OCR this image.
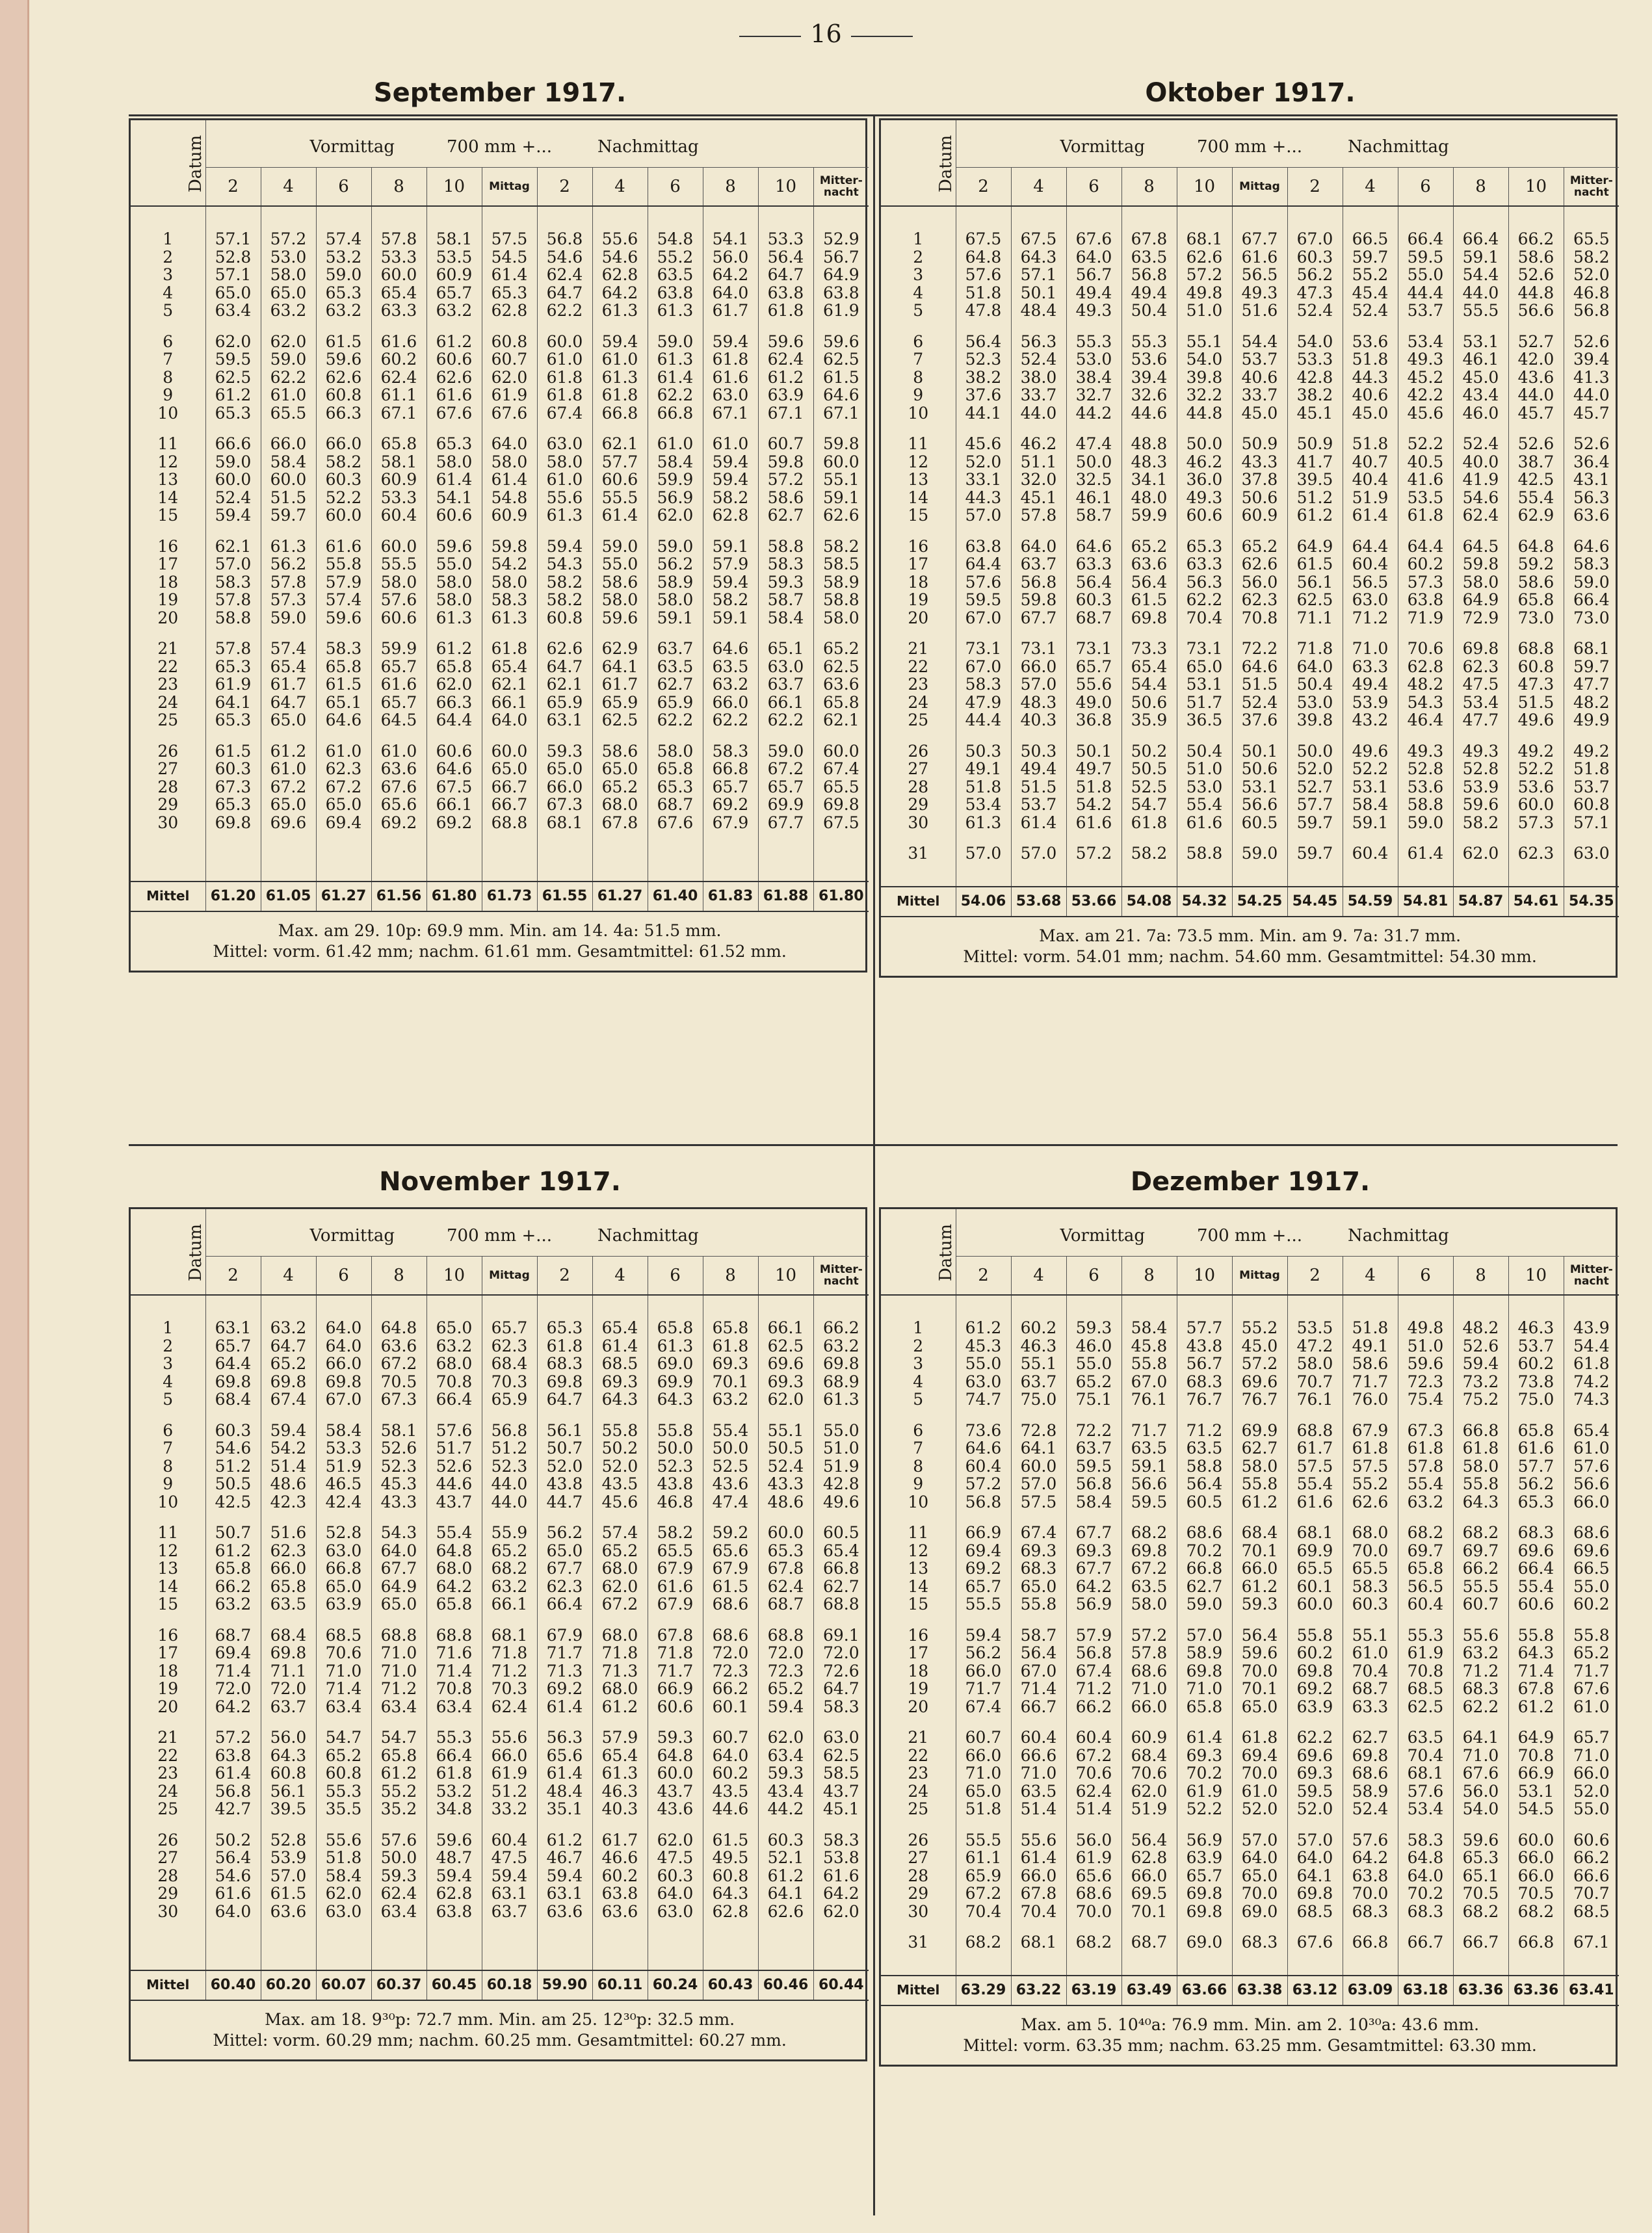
16
September 1917.
Datum	Vormittag 700 mm +... Nachmittag											
	2	4	6	8	10	Mittag	2	4	6	8	10	Mitter-
nacht

1	57.1	57.2	57.4	57.8	58.1	57.5	56.8	55.6	54.8	54.1	53.3	52.9
2	52.8	53.0	53.2	53.3	53.5	54.5	54.6	54.6	55.2	56.0	56.4	56.7
3	57.1	58.0	59.0	60.0	60.9	61.4	62.4	62.8	63.5	64.2	64.7	64.9
4	65.0	65.0	65.3	65.4	65.7	65.3	64.7	64.2	63.8	64.0	63.8	63.8
5	63.4	63.2	63.2	63.3	63.2	62.8	62.2	61.3	61.3	61.7	61.8	61.9
6	62.0	62.0	61.5	61.6	61.2	60.8	60.0	59.4	59.0	59.4	59.6	59.6
7	59.5	59.0	59.6	60.2	60.6	60.7	61.0	61.0	61.3	61.8	62.4	62.5
8	62.5	62.2	62.6	62.4	62.6	62.0	61.8	61.3	61.4	61.6	61.2	61.5
9	61.2	61.0	60.8	61.1	61.6	61.9	61.8	61.8	62.2	63.0	63.9	64.6
10	65.3	65.5	66.3	67.1	67.6	67.6	67.4	66.8	66.8	67.1	67.1	67.1
11	66.6	66.0	66.0	65.8	65.3	64.0	63.0	62.1	61.0	61.0	60.7	59.8
12	59.0	58.4	58.2	58.1	58.0	58.0	58.0	57.7	58.4	59.4	59.8	60.0
13	60.0	60.0	60.3	60.9	61.4	61.4	61.0	60.6	59.9	59.4	57.2	55.1
14	52.4	51.5	52.2	53.3	54.1	54.8	55.6	55.5	56.9	58.2	58.6	59.1
15	59.4	59.7	60.0	60.4	60.6	60.9	61.3	61.4	62.0	62.8	62.7	62.6
16	62.1	61.3	61.6	60.0	59.6	59.8	59.4	59.0	59.0	59.1	58.8	58.2
17	57.0	56.2	55.8	55.5	55.0	54.2	54.3	55.0	56.2	57.9	58.3	58.5
18	58.3	57.8	57.9	58.0	58.0	58.0	58.2	58.6	58.9	59.4	59.3	58.9
19	57.8	57.3	57.4	57.6	58.0	58.3	58.2	58.0	58.0	58.2	58.7	58.8
20	58.8	59.0	59.6	60.6	61.3	61.3	60.8	59.6	59.1	59.1	58.4	58.0
21	57.8	57.4	58.3	59.9	61.2	61.8	62.6	62.9	63.7	64.6	65.1	65.2
22	65.3	65.4	65.8	65.7	65.8	65.4	64.7	64.1	63.5	63.5	63.0	62.5
23	61.9	61.7	61.5	61.6	62.0	62.1	62.1	61.7	62.7	63.2	63.7	63.6
24	64.1	64.7	65.1	65.7	66.3	66.1	65.9	65.9	65.9	66.0	66.1	65.8
25	65.3	65.0	64.6	64.5	64.4	64.0	63.1	62.5	62.2	62.2	62.2	62.1
26	61.5	61.2	61.0	61.0	60.6	60.0	59.3	58.6	58.0	58.3	59.0	60.0
27	60.3	61.0	62.3	63.6	64.6	65.0	65.0	65.0	65.8	66.8	67.2	67.4
28	67.3	67.2	67.2	67.6	67.5	66.7	66.0	65.2	65.3	65.7	65.7	65.5
29	65.3	65.0	65.0	65.6	66.1	66.7	67.3	68.0	68.7	69.2	69.9	69.8
30	69.8	69.6	69.4	69.2	69.2	68.8	68.1	67.8	67.6	67.9	67.7	67.5

Mittel	61.20	61.05	61.27	61.56	61.80	61.73	61.55	61.27	61.40	61.83	61.88	61.80

Max. am 29. 10p: 69.9 mm. Min. am 14. 4a: 51.5 mm.
Mittel: vorm. 61.42 mm; nachm. 61.61 mm. Gesamtmittel: 61.52 mm.												
Oktober 1917.
Datum	Vormittag 700 mm +... Nachmittag											
	2	4	6	8	10	Mittag	2	4	6	8	10	Mitter-
nacht

1	67.5	67.5	67.6	67.8	68.1	67.7	67.0	66.5	66.4	66.4	66.2	65.5
2	64.8	64.3	64.0	63.5	62.6	61.6	60.3	59.7	59.5	59.1	58.6	58.2
3	57.6	57.1	56.7	56.8	57.2	56.5	56.2	55.2	55.0	54.4	52.6	52.0
4	51.8	50.1	49.4	49.4	49.8	49.3	47.3	45.4	44.4	44.0	44.8	46.8
5	47.8	48.4	49.3	50.4	51.0	51.6	52.4	52.4	53.7	55.5	56.6	56.8
6	56.4	56.3	55.3	55.3	55.1	54.4	54.0	53.6	53.4	53.1	52.7	52.6
7	52.3	52.4	53.0	53.6	54.0	53.7	53.3	51.8	49.3	46.1	42.0	39.4
8	38.2	38.0	38.4	39.4	39.8	40.6	42.8	44.3	45.2	45.0	43.6	41.3
9	37.6	33.7	32.7	32.6	32.2	33.7	38.2	40.6	42.2	43.4	44.0	44.0
10	44.1	44.0	44.2	44.6	44.8	45.0	45.1	45.0	45.6	46.0	45.7	45.7
11	45.6	46.2	47.4	48.8	50.0	50.9	50.9	51.8	52.2	52.4	52.6	52.6
12	52.0	51.1	50.0	48.3	46.2	43.3	41.7	40.7	40.5	40.0	38.7	36.4
13	33.1	32.0	32.5	34.1	36.0	37.8	39.5	40.4	41.6	41.9	42.5	43.1
14	44.3	45.1	46.1	48.0	49.3	50.6	51.2	51.9	53.5	54.6	55.4	56.3
15	57.0	57.8	58.7	59.9	60.6	60.9	61.2	61.4	61.8	62.4	62.9	63.6
16	63.8	64.0	64.6	65.2	65.3	65.2	64.9	64.4	64.4	64.5	64.8	64.6
17	64.4	63.7	63.3	63.6	63.3	62.6	61.5	60.4	60.2	59.8	59.2	58.3
18	57.6	56.8	56.4	56.4	56.3	56.0	56.1	56.5	57.3	58.0	58.6	59.0
19	59.5	59.8	60.3	61.5	62.2	62.3	62.5	63.0	63.8	64.9	65.8	66.4
20	67.0	67.7	68.7	69.8	70.4	70.8	71.1	71.2	71.9	72.9	73.0	73.0
21	73.1	73.1	73.1	73.3	73.1	72.2	71.8	71.0	70.6	69.8	68.8	68.1
22	67.0	66.0	65.7	65.4	65.0	64.6	64.0	63.3	62.8	62.3	60.8	59.7
23	58.3	57.0	55.6	54.4	53.1	51.5	50.4	49.4	48.2	47.5	47.3	47.7
24	47.9	48.3	49.0	50.6	51.7	52.4	53.0	53.9	54.3	53.4	51.5	48.2
25	44.4	40.3	36.8	35.9	36.5	37.6	39.8	43.2	46.4	47.7	49.6	49.9
26	50.3	50.3	50.1	50.2	50.4	50.1	50.0	49.6	49.3	49.3	49.2	49.2
27	49.1	49.4	49.7	50.5	51.0	50.6	52.0	52.2	52.8	52.8	52.2	51.8
28	51.8	51.5	51.8	52.5	53.0	53.1	52.7	53.1	53.6	53.9	53.6	53.7
29	53.4	53.7	54.2	54.7	55.4	56.6	57.7	58.4	58.8	59.6	60.0	60.8
30	61.3	61.4	61.6	61.8	61.6	60.5	59.7	59.1	59.0	58.2	57.3	57.1
31	57.0	57.0	57.2	58.2	58.8	59.0	59.7	60.4	61.4	62.0	62.3	63.0

Mittel	54.06	53.68	53.66	54.08	54.32	54.25	54.45	54.59	54.81	54.87	54.61	54.35

Max. am 21. 7a: 73.5 mm. Min. am 9. 7a: 31.7 mm.
Mittel: vorm. 54.01 mm; nachm. 54.60 mm. Gesamtmittel: 54.30 mm.												
November 1917.
Datum	Vormittag 700 mm +... Nachmittag											
	2	4	6	8	10	Mittag	2	4	6	8	10	Mitter-
nacht

1	63.1	63.2	64.0	64.8	65.0	65.7	65.3	65.4	65.8	65.8	66.1	66.2
2	65.7	64.7	64.0	63.6	63.2	62.3	61.8	61.4	61.3	61.8	62.5	63.2
3	64.4	65.2	66.0	67.2	68.0	68.4	68.3	68.5	69.0	69.3	69.6	69.8
4	69.8	69.8	69.8	70.5	70.8	70.3	69.8	69.3	69.9	70.1	69.3	68.9
5	68.4	67.4	67.0	67.3	66.4	65.9	64.7	64.3	64.3	63.2	62.0	61.3
6	60.3	59.4	58.4	58.1	57.6	56.8	56.1	55.8	55.8	55.4	55.1	55.0
7	54.6	54.2	53.3	52.6	51.7	51.2	50.7	50.2	50.0	50.0	50.5	51.0
8	51.2	51.4	51.9	52.3	52.6	52.3	52.0	52.0	52.3	52.5	52.4	51.9
9	50.5	48.6	46.5	45.3	44.6	44.0	43.8	43.5	43.8	43.6	43.3	42.8
10	42.5	42.3	42.4	43.3	43.7	44.0	44.7	45.6	46.8	47.4	48.6	49.6
11	50.7	51.6	52.8	54.3	55.4	55.9	56.2	57.4	58.2	59.2	60.0	60.5
12	61.2	62.3	63.0	64.0	64.8	65.2	65.0	65.2	65.5	65.6	65.3	65.4
13	65.8	66.0	66.8	67.7	68.0	68.2	67.7	68.0	67.9	67.9	67.8	66.8
14	66.2	65.8	65.0	64.9	64.2	63.2	62.3	62.0	61.6	61.5	62.4	62.7
15	63.2	63.5	63.9	65.0	65.8	66.1	66.4	67.2	67.9	68.6	68.7	68.8
16	68.7	68.4	68.5	68.8	68.8	68.1	67.9	68.0	67.8	68.6	68.8	69.1
17	69.4	69.8	70.6	71.0	71.6	71.8	71.7	71.8	71.8	72.0	72.0	72.0
18	71.4	71.1	71.0	71.0	71.4	71.2	71.3	71.3	71.7	72.3	72.3	72.6
19	72.0	72.0	71.4	71.2	70.8	70.3	69.2	68.0	66.9	66.2	65.2	64.7
20	64.2	63.7	63.4	63.4	63.4	62.4	61.4	61.2	60.6	60.1	59.4	58.3
21	57.2	56.0	54.7	54.7	55.3	55.6	56.3	57.9	59.3	60.7	62.0	63.0
22	63.8	64.3	65.2	65.8	66.4	66.0	65.6	65.4	64.8	64.0	63.4	62.5
23	61.4	60.8	60.8	61.2	61.8	61.9	61.4	61.3	60.0	60.2	59.3	58.5
24	56.8	56.1	55.3	55.2	53.2	51.2	48.4	46.3	43.7	43.5	43.4	43.7
25	42.7	39.5	35.5	35.2	34.8	33.2	35.1	40.3	43.6	44.6	44.2	45.1
26	50.2	52.8	55.6	57.6	59.6	60.4	61.2	61.7	62.0	61.5	60.3	58.3
27	56.4	53.9	51.8	50.0	48.7	47.5	46.7	46.6	47.5	49.5	52.1	53.8
28	54.6	57.0	58.4	59.3	59.4	59.4	59.4	60.2	60.3	60.8	61.2	61.6
29	61.6	61.5	62.0	62.4	62.8	63.1	63.1	63.8	64.0	64.3	64.1	64.2
30	64.0	63.6	63.0	63.4	63.8	63.7	63.6	63.6	63.0	62.8	62.6	62.0

Mittel	60.40	60.20	60.07	60.37	60.45	60.18	59.90	60.11	60.24	60.43	60.46	60.44

Max. am 18. 9³⁰p: 72.7 mm. Min. am 25. 12³⁰p: 32.5 mm.
Mittel: vorm. 60.29 mm; nachm. 60.25 mm. Gesamtmittel: 60.27 mm.												
Dezember 1917.
Datum	Vormittag 700 mm +... Nachmittag											
	2	4	6	8	10	Mittag	2	4	6	8	10	Mitter-
nacht

1	61.2	60.2	59.3	58.4	57.7	55.2	53.5	51.8	49.8	48.2	46.3	43.9
2	45.3	46.3	46.0	45.8	43.8	45.0	47.2	49.1	51.0	52.6	53.7	54.4
3	55.0	55.1	55.0	55.8	56.7	57.2	58.0	58.6	59.6	59.4	60.2	61.8
4	63.0	63.7	65.2	67.0	68.3	69.6	70.7	71.7	72.3	73.2	73.8	74.2
5	74.7	75.0	75.1	76.1	76.7	76.7	76.1	76.0	75.4	75.2	75.0	74.3
6	73.6	72.8	72.2	71.7	71.2	69.9	68.8	67.9	67.3	66.8	65.8	65.4
7	64.6	64.1	63.7	63.5	63.5	62.7	61.7	61.8	61.8	61.8	61.6	61.0
8	60.4	60.0	59.5	59.1	58.8	58.0	57.5	57.5	57.8	58.0	57.7	57.6
9	57.2	57.0	56.8	56.6	56.4	55.8	55.4	55.2	55.4	55.8	56.2	56.6
10	56.8	57.5	58.4	59.5	60.5	61.2	61.6	62.6	63.2	64.3	65.3	66.0
11	66.9	67.4	67.7	68.2	68.6	68.4	68.1	68.0	68.2	68.2	68.3	68.6
12	69.4	69.3	69.3	69.8	70.2	70.1	69.9	70.0	69.7	69.7	69.6	69.6
13	69.2	68.3	67.7	67.2	66.8	66.0	65.5	65.5	65.8	66.2	66.4	66.5
14	65.7	65.0	64.2	63.5	62.7	61.2	60.1	58.3	56.5	55.5	55.4	55.0
15	55.5	55.8	56.9	58.0	59.0	59.3	60.0	60.3	60.4	60.7	60.6	60.2
16	59.4	58.7	57.9	57.2	57.0	56.4	55.8	55.1	55.3	55.6	55.8	55.8
17	56.2	56.4	56.8	57.8	58.9	59.6	60.2	61.0	61.9	63.2	64.3	65.2
18	66.0	67.0	67.4	68.6	69.8	70.0	69.8	70.4	70.8	71.2	71.4	71.7
19	71.7	71.4	71.2	71.0	71.0	70.1	69.2	68.7	68.5	68.3	67.8	67.6
20	67.4	66.7	66.2	66.0	65.8	65.0	63.9	63.3	62.5	62.2	61.2	61.0
21	60.7	60.4	60.4	60.9	61.4	61.8	62.2	62.7	63.5	64.1	64.9	65.7
22	66.0	66.6	67.2	68.4	69.3	69.4	69.6	69.8	70.4	71.0	70.8	71.0
23	71.0	71.0	70.6	70.6	70.2	70.0	69.3	68.6	68.1	67.6	66.9	66.0
24	65.0	63.5	62.4	62.0	61.9	61.0	59.5	58.9	57.6	56.0	53.1	52.0
25	51.8	51.4	51.4	51.9	52.2	52.0	52.0	52.4	53.4	54.0	54.5	55.0
26	55.5	55.6	56.0	56.4	56.9	57.0	57.0	57.6	58.3	59.6	60.0	60.6
27	61.1	61.4	61.9	62.8	63.9	64.0	64.0	64.2	64.8	65.3	66.0	66.2
28	65.9	66.0	65.6	66.0	65.7	65.0	64.1	63.8	64.0	65.1	66.0	66.6
29	67.2	67.8	68.6	69.5	69.8	70.0	69.8	70.0	70.2	70.5	70.5	70.7
30	70.4	70.4	70.0	70.1	69.8	69.0	68.5	68.3	68.3	68.2	68.2	68.5
31	68.2	68.1	68.2	68.7	69.0	68.3	67.6	66.8	66.7	66.7	66.8	67.1

Mittel	63.29	63.22	63.19	63.49	63.66	63.38	63.12	63.09	63.18	63.36	63.36	63.41

Max. am 5. 10⁴⁰a: 76.9 mm. Min. am 2. 10³⁰a: 43.6 mm.
Mittel: vorm. 63.35 mm; nachm. 63.25 mm. Gesamtmittel: 63.30 mm.												
